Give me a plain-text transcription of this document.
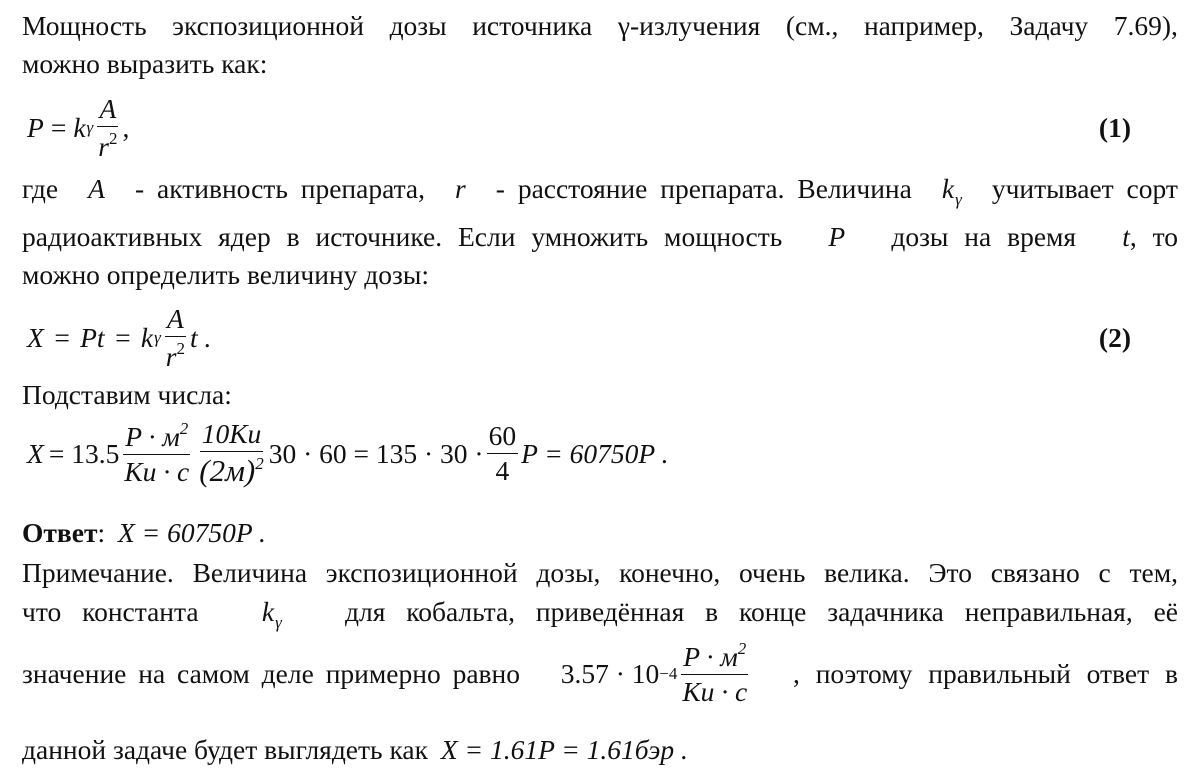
Мощность экспозиционной дозы источника γ-излучения (см., например, Задачу 7.69),
можно выразить как:
P = k γ $\frac{A}{r^2}$ ,	(1)
где A - активность препарата, r - расстояние препарата. Величина $k_\gamma$ учитывает сорт
радиоактивных ядер в источнике. Если умножить мощность P дозы на время t, то
можно определить величину дозы:
X = Pt = k γ $\frac{A}{r^2}$ t .	(2)
Подставим числа:
$X = 13.5 \frac{P \cdot м^2}{Ku \cdot c} \frac{10Ku}{(2м)^2} 30 \cdot 60 = 135 \cdot 30 \cdot \frac{60}{4}$ P = 60750P .
Ответ: X = 60750P .
Примечание. Величина экспозиционной дозы, конечно, очень велика. Это связано с тем,
что константа $k_\gamma$ для кобальта, приведённая в конце задачника неправильная, её
значение на самом деле примерно равно $3.57 \cdot 10 -4 \frac{P \cdot м^2}{Ku \cdot c}$ , поэтому правильный ответ в
данной задаче будет выглядеть как X = 1.61P = 1.61бэр .
